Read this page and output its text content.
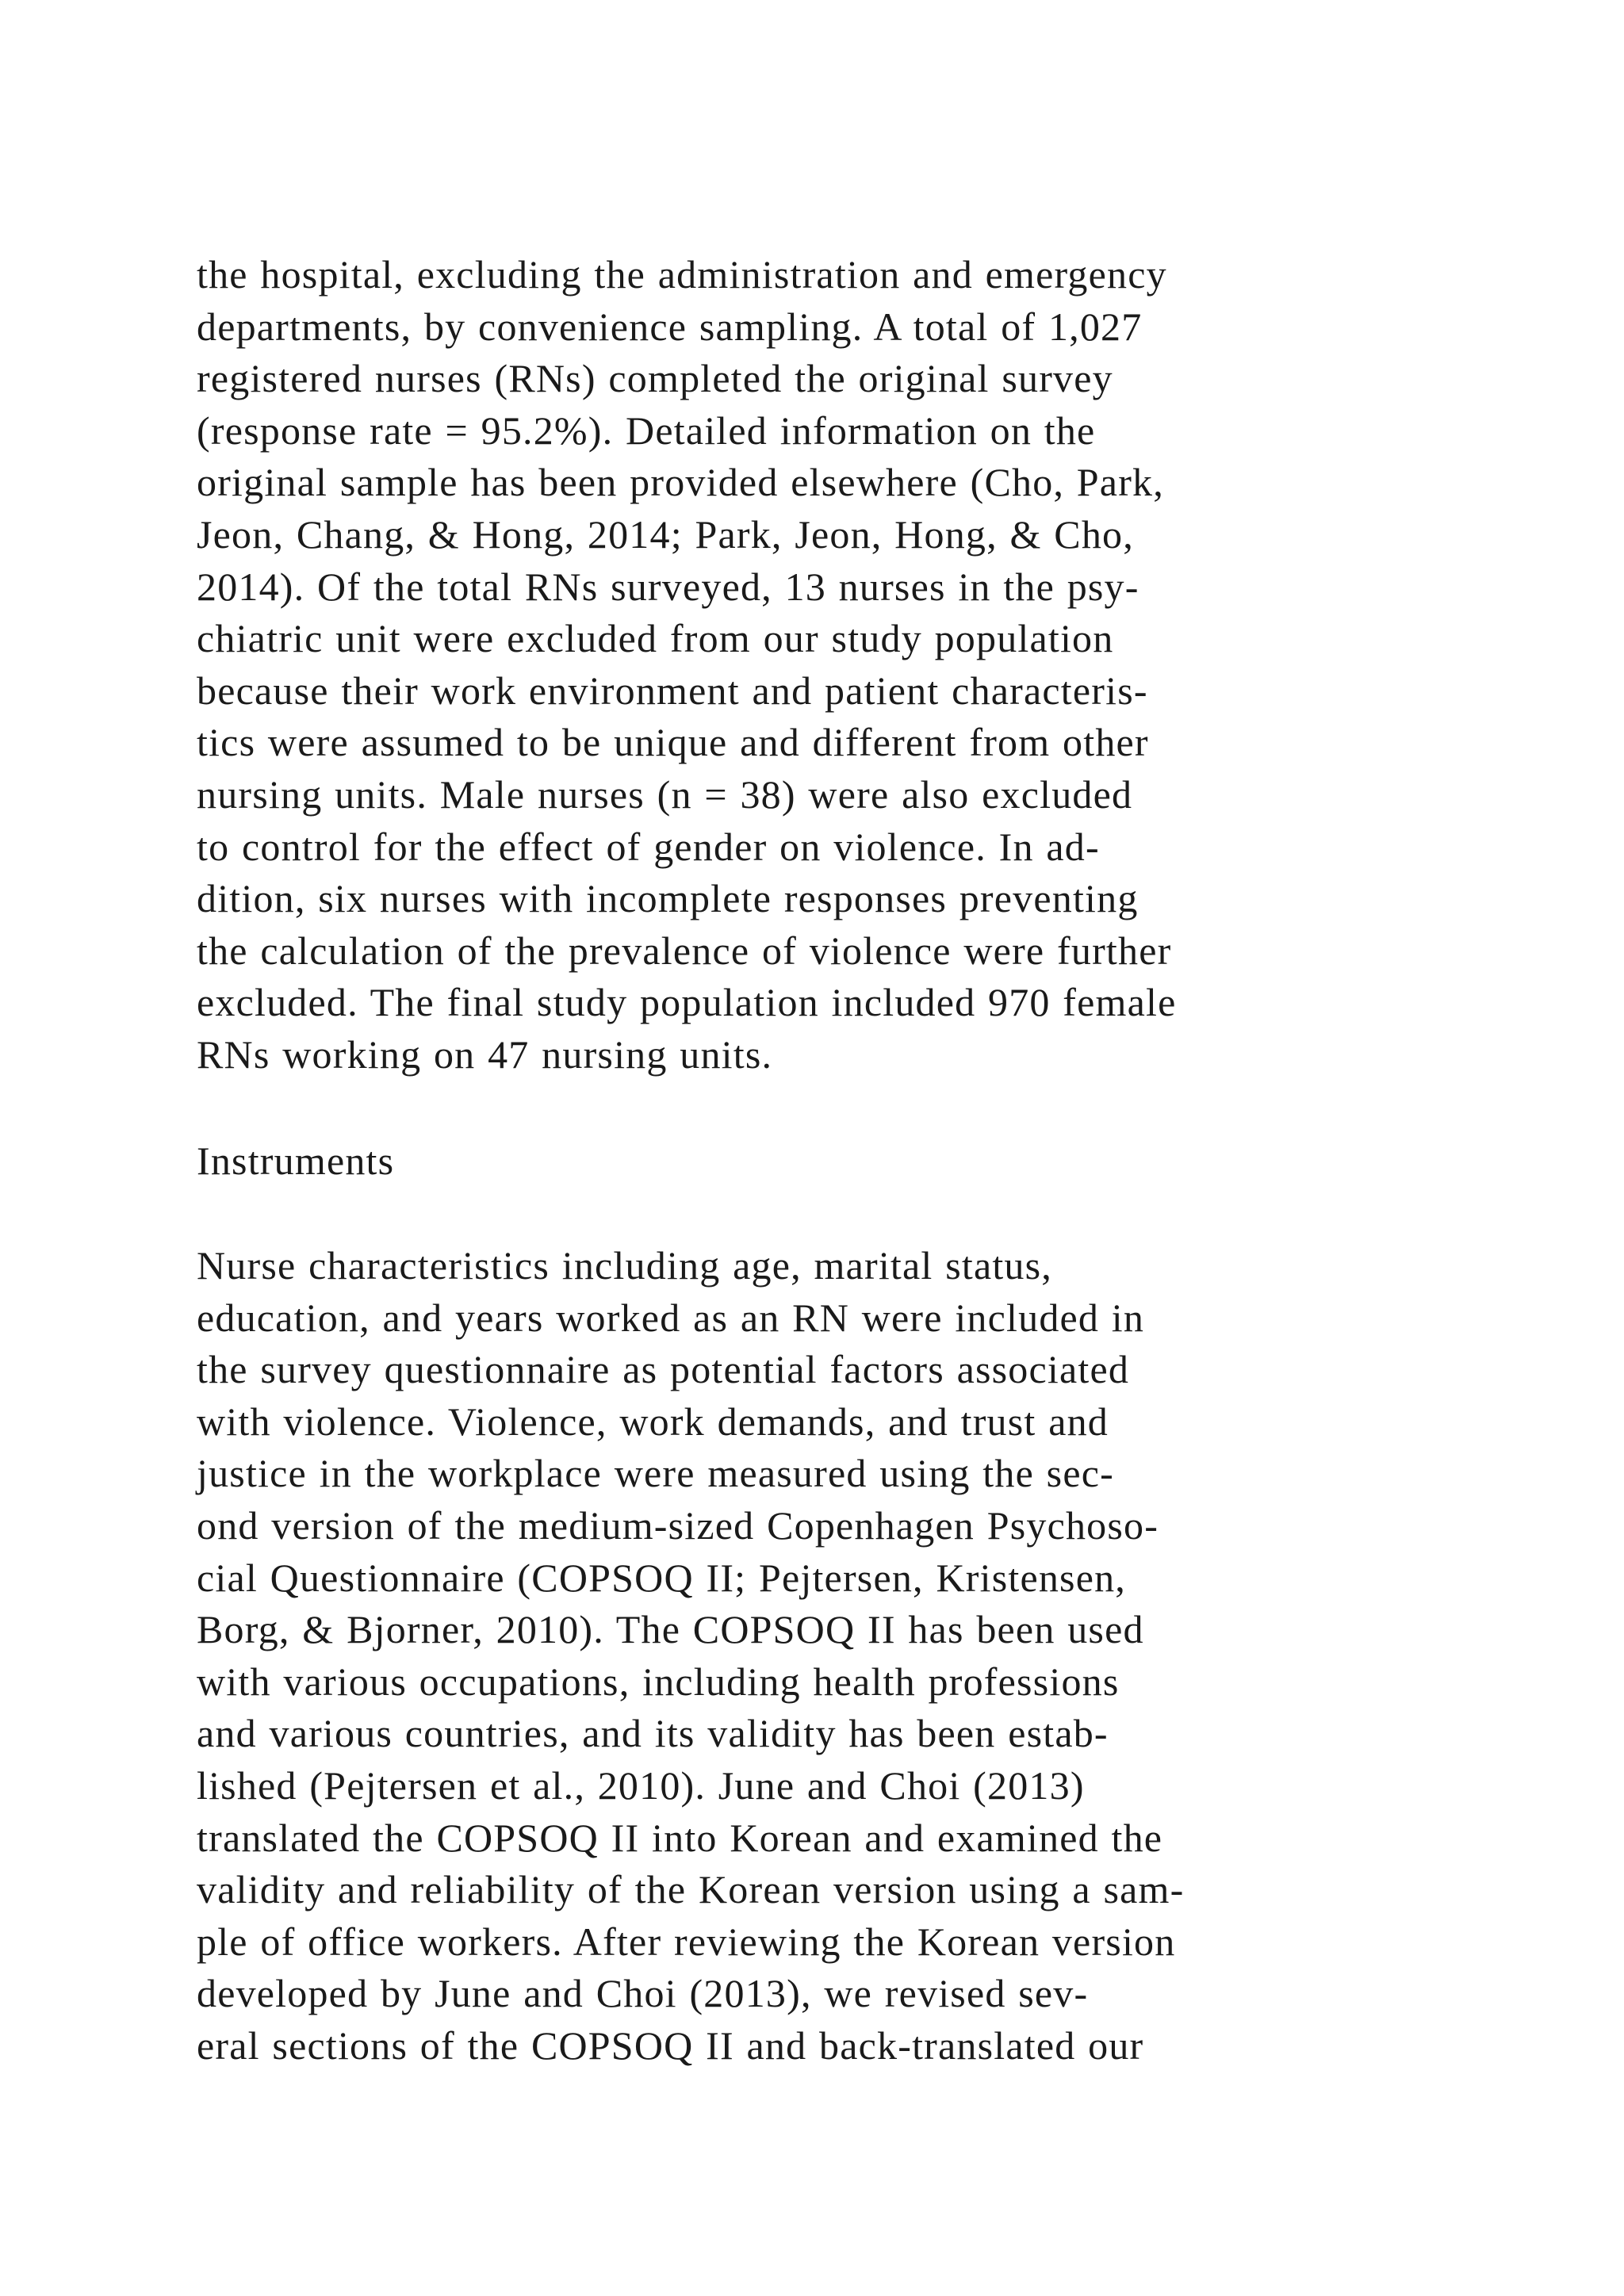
the hospital, excluding the administration and emergency
departments, by convenience sampling. A total of 1,027
registered nurses (RNs) completed the original survey
(response rate = 95.2%). Detailed information on the
original sample has been provided elsewhere (Cho, Park,
Jeon, Chang, & Hong, 2014; Park, Jeon, Hong, & Cho,
2014). Of the total RNs surveyed, 13 nurses in the psy-
chiatric unit were excluded from our study population
because their work environment and patient characteris-
tics were assumed to be unique and different from other
nursing units. Male nurses (n = 38) were also excluded
to control for the effect of gender on violence. In ad-
dition, six nurses with incomplete responses preventing
the calculation of the prevalence of violence were further
excluded. The final study population included 970 female
RNs working on 47 nursing units.
Instruments
Nurse characteristics including age, marital status,
education, and years worked as an RN were included in
the survey questionnaire as potential factors associated
with violence. Violence, work demands, and trust and
justice in the workplace were measured using the sec-
ond version of the medium-sized Copenhagen Psychoso-
cial Questionnaire (COPSOQ II; Pejtersen, Kristensen,
Borg, & Bjorner, 2010). The COPSOQ II has been used
with various occupations, including health professions
and various countries, and its validity has been estab-
lished (Pejtersen et al., 2010). June and Choi (2013)
translated the COPSOQ II into Korean and examined the
validity and reliability of the Korean version using a sam-
ple of office workers. After reviewing the Korean version
developed by June and Choi (2013), we revised sev-
eral sections of the COPSOQ II and back-translated our
